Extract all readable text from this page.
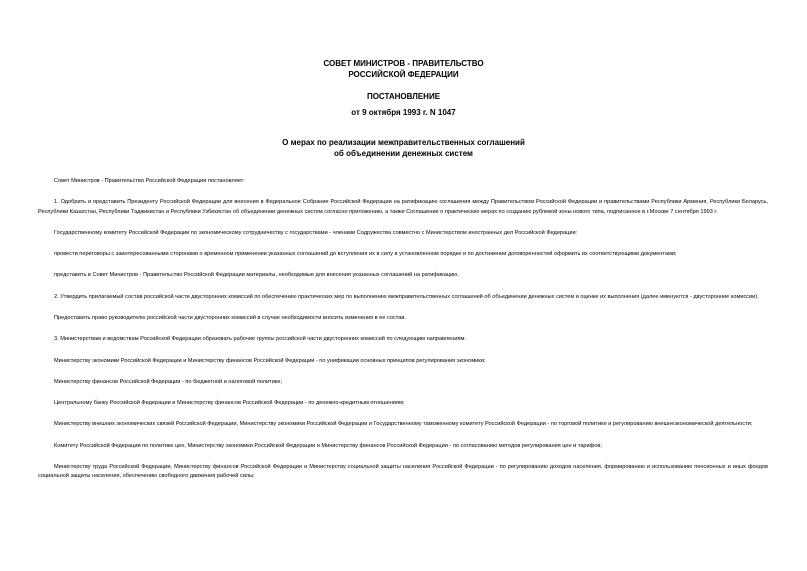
СОВЕТ МИНИСТРОВ - ПРАВИТЕЛЬСТВО
РОССИЙСКОЙ ФЕДЕРАЦИИ
ПОСТАНОВЛЕНИЕ
от 9 октября 1993 г. N 1047
О мерах по реализации межправительственных соглашений
об объединении денежных систем

Совет Министров - Правительство Российской Федерации постановляет:

1. Одобрить и представить Президенту Российской Федерации для внесения в Федеральное Собрание Российской Федерации на ратификацию соглашения между Правительством Российской Федерации и правительствами Республики Армения, Республики Беларусь, Республики Казахстан, Республики Таджикистан и Республики Узбекистан об объединении денежных систем согласно приложению, а также Соглашение о практических мерах по созданию рублевой зоны нового типа, подписанное в г.Москве 7 сентября 1993 г.

Государственному комитету Российской Федерации по экономическому сотрудничеству с государствами - членами Содружества совместно с Министерством иностранных дел Российской Федерации:

провести переговоры с заинтересованными сторонами о временном применении указанных соглашений до вступления их в силу в установленном порядке и по достижении договоренностей оформить их соответствующими документами;

представить в Совет Министров - Правительство Российской Федерации материалы, необходимые для внесения указанных соглашений на ратификацию.

2. Утвердить прилагаемый состав российской части двусторонних комиссий по обеспечению практических мер по выполнению межправительственных соглашений об объединении денежных систем и оценке их выполнения (далее именуются - двусторонние комиссии).

Предоставить право руководителю российской части двусторонних комиссий в случае необходимости вносить изменения в ее состав.

3. Министерствам и ведомствам Российской Федерации образовать рабочие группы российской части двусторонних комиссий по следующим направлениям:

Министерству экономики Российской Федерации и Министерству финансов Российской Федерации - по унификации основных принципов регулирования экономики;

Министерству финансов Российской Федерации - по бюджетной и налоговой политике;

Центральному банку Российской Федерации и Министерству финансов Российской Федерации - по денежно-кредитным отношениям;

Министерству внешних экономических связей Российской Федерации, Министерству экономики Российской Федерации и Государственному таможенному комитету Российской Федерации - по торговой политике и регулированию внешнеэкономической деятельности;

Комитету Российской Федерации по политике цен, Министерству экономики Российской Федерации и Министерству финансов Российской Федерации - по согласованию методов регулирования цен и тарифов;

Министерству труда Российской Федерации, Министерству финансов Российской Федерации и Министерству социальной защиты населения Российской Федерации - по регулированию доходов населения, формированию и использованию пенсионных и иных фондов социальной защиты населения, обеспечению свободного движения рабочей силы;
